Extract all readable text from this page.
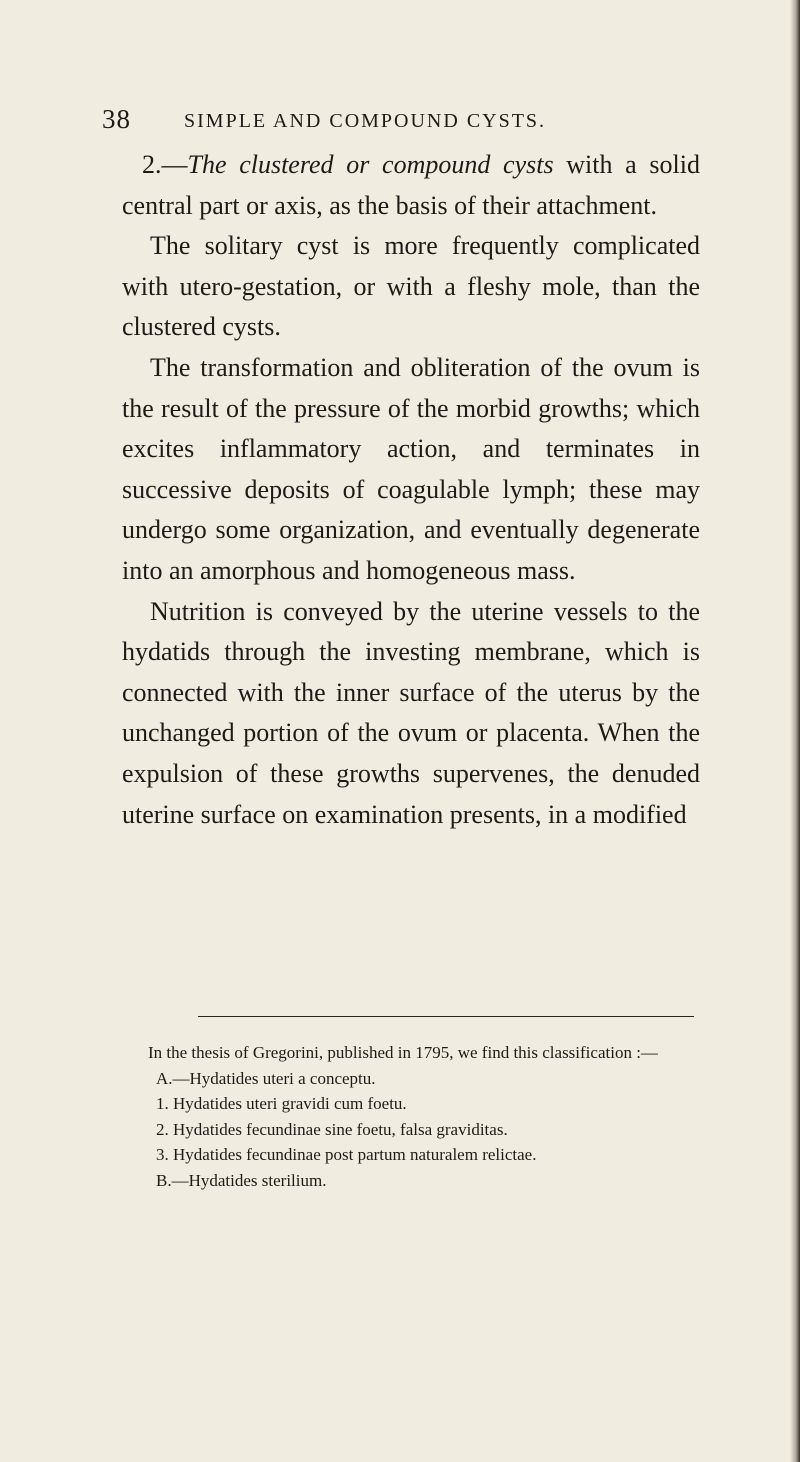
38	SIMPLE AND COMPOUND CYSTS.

2.—The clustered or compound cysts with a solid central part or axis, as the basis of their attachment.

The solitary cyst is more frequently complicated with utero-gestation, or with a fleshy mole, than the clustered cysts.

The transformation and obliteration of the ovum is the result of the pressure of the morbid growths; which excites inflammatory action, and terminates in successive deposits of coagulable lymph; these may undergo some organization, and eventually degenerate into an amorphous and homogeneous mass.

Nutrition is conveyed by the uterine vessels to the hydatids through the investing membrane, which is connected with the inner surface of the uterus by the unchanged portion of the ovum or placenta. When the expulsion of these growths supervenes, the denuded uterine surface on examination presents, in a modified

In the thesis of Gregorini, published in 1795, we find this classification :—

A.—Hydatides uteri a conceptu.

1. Hydatides uteri gravidi cum foetu.

2. Hydatides fecundinae sine foetu, falsa graviditas.

3. Hydatides fecundinae post partum naturalem relictae.

B.—Hydatides sterilium.
